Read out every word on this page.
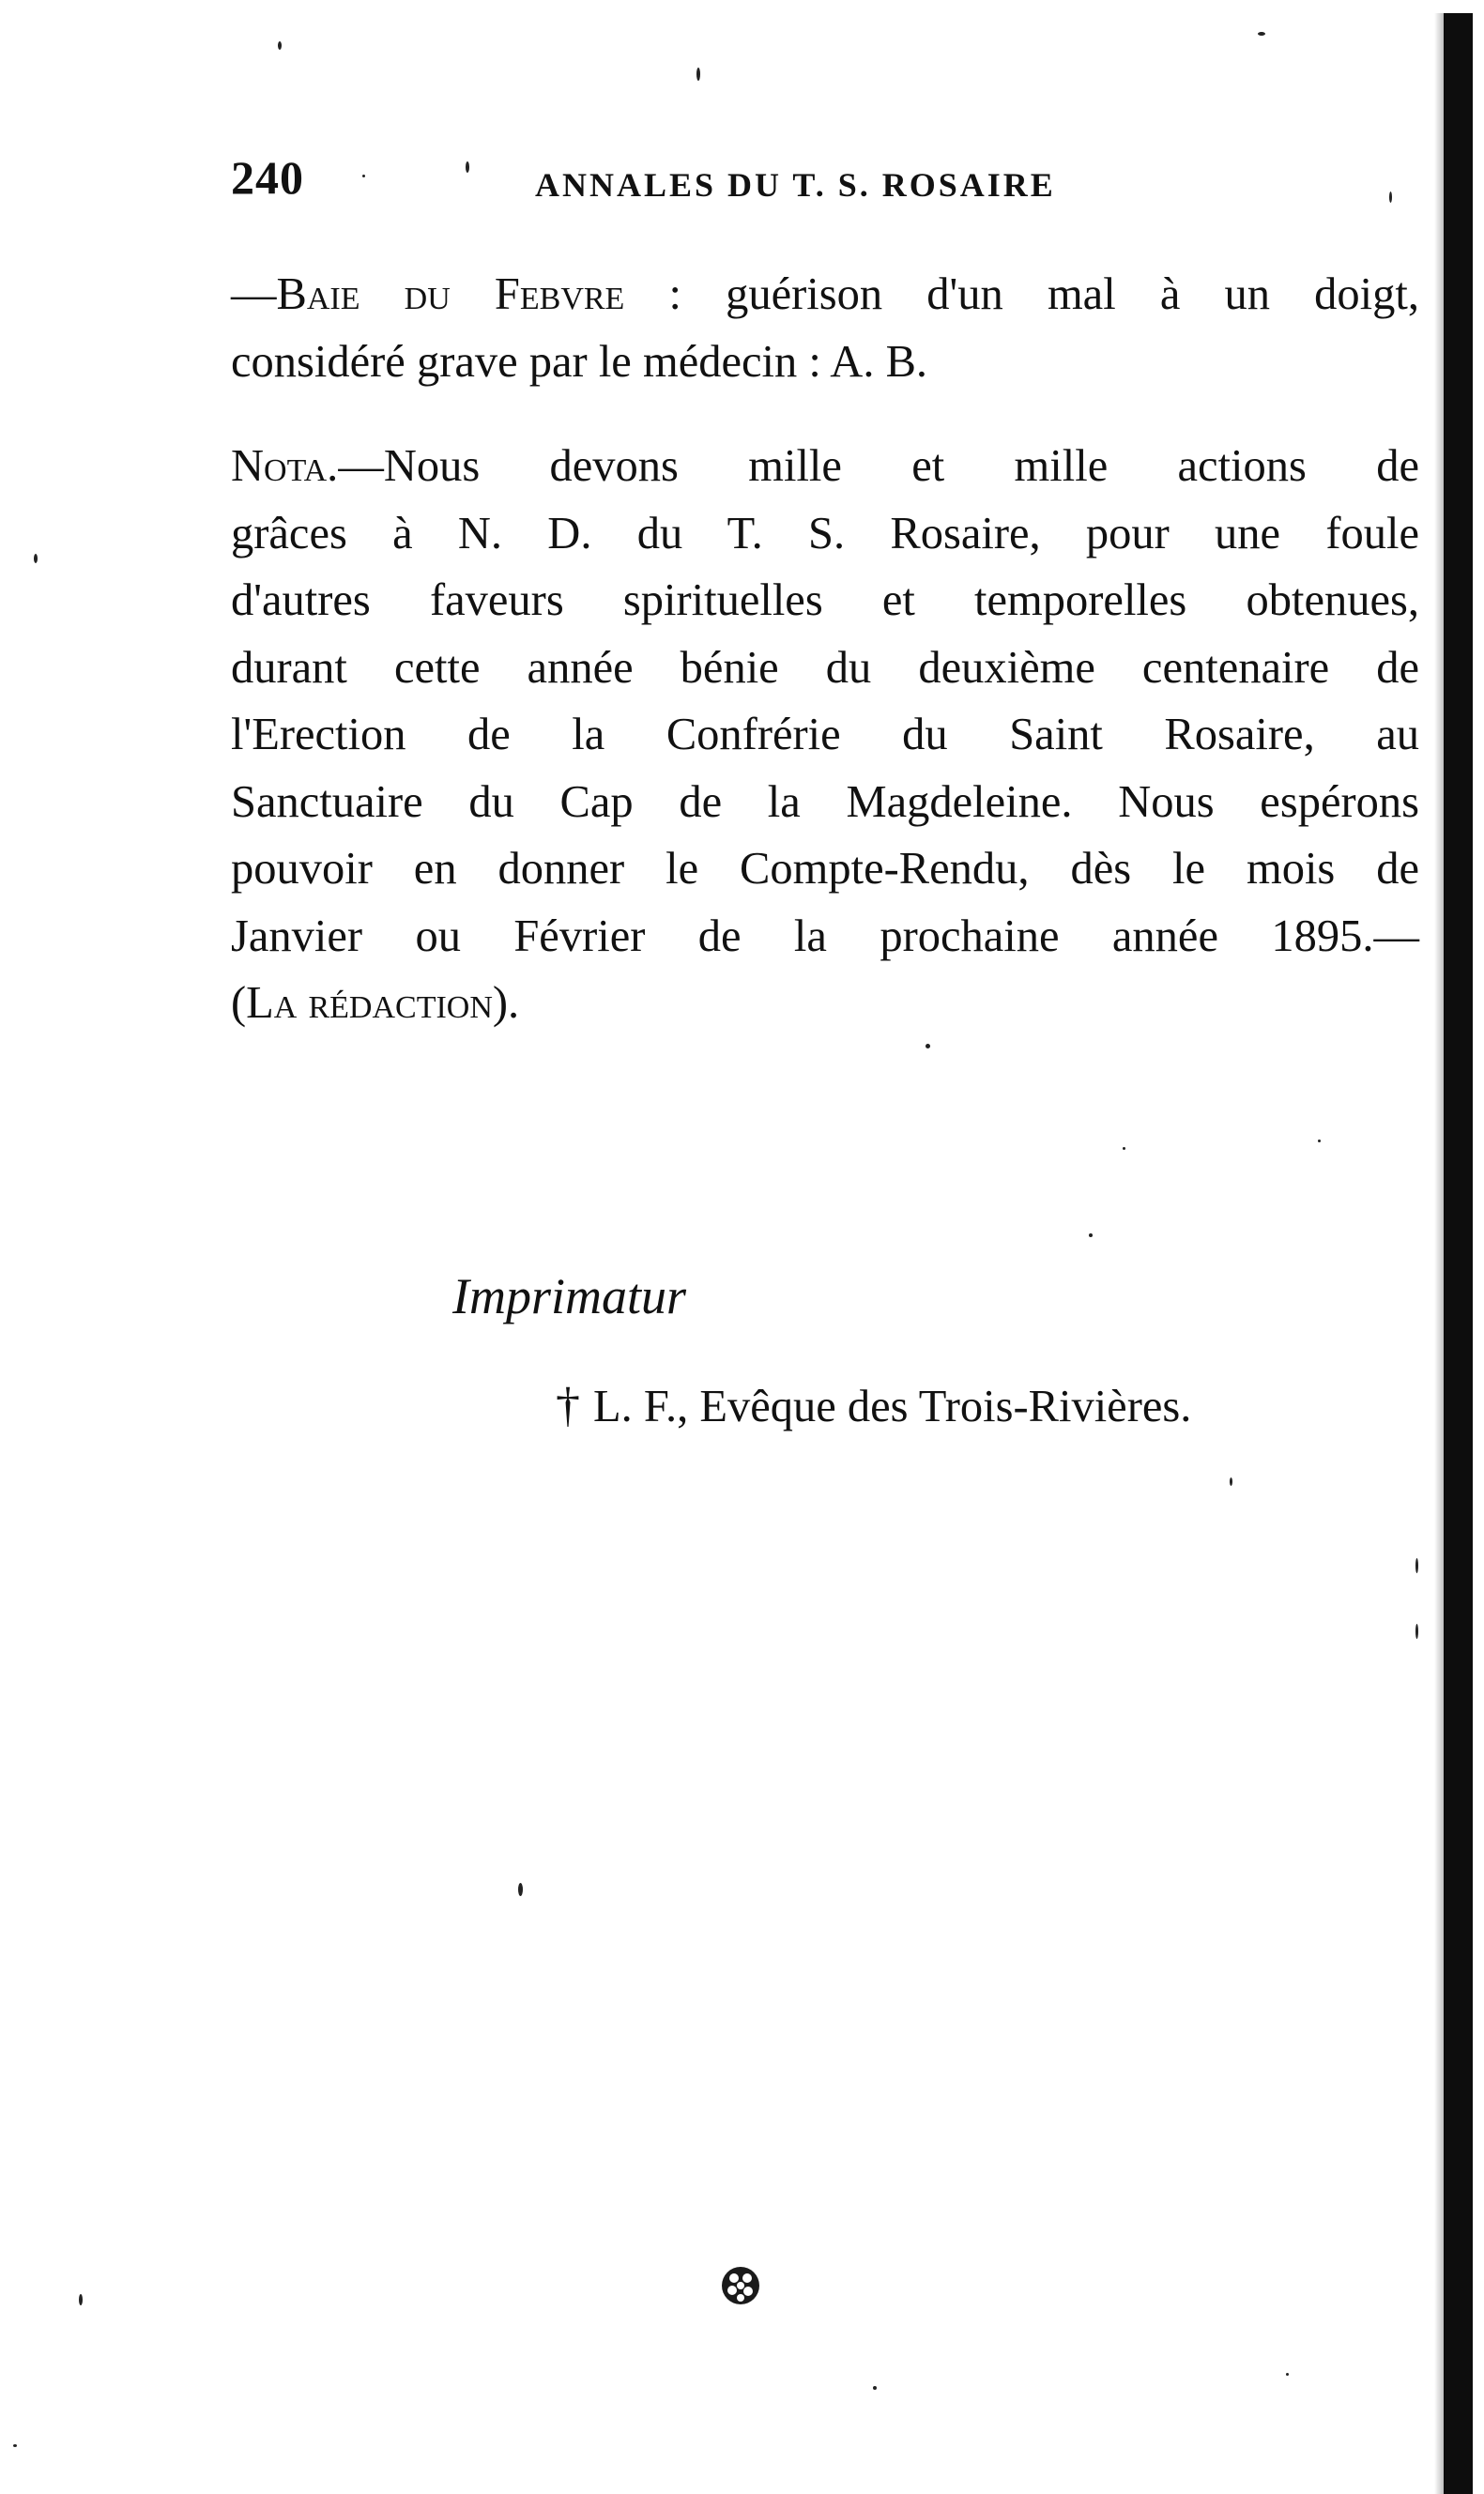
240	ANNALES DU T. S. ROSAIRE
—Baie du Febvre : guérison d'un mal à un doigt,
considéré grave par le médecin : A. B.
Nota.—Nous devons mille et mille actions de
grâces à N. D. du T. S. Rosaire, pour une foule
d'autres faveurs spirituelles et temporelles obtenues,
durant cette année bénie du deuxième centenaire de
l'Erection de la Confrérie du Saint Rosaire, au
Sanctuaire du Cap de la Magdeleine. Nous espérons
pouvoir en donner le Compte-Rendu, dès le mois de
Janvier ou Février de la prochaine année 1895.—
(La rédaction).
Imprimatur
† L. F., Evêque des Trois-Rivières.
